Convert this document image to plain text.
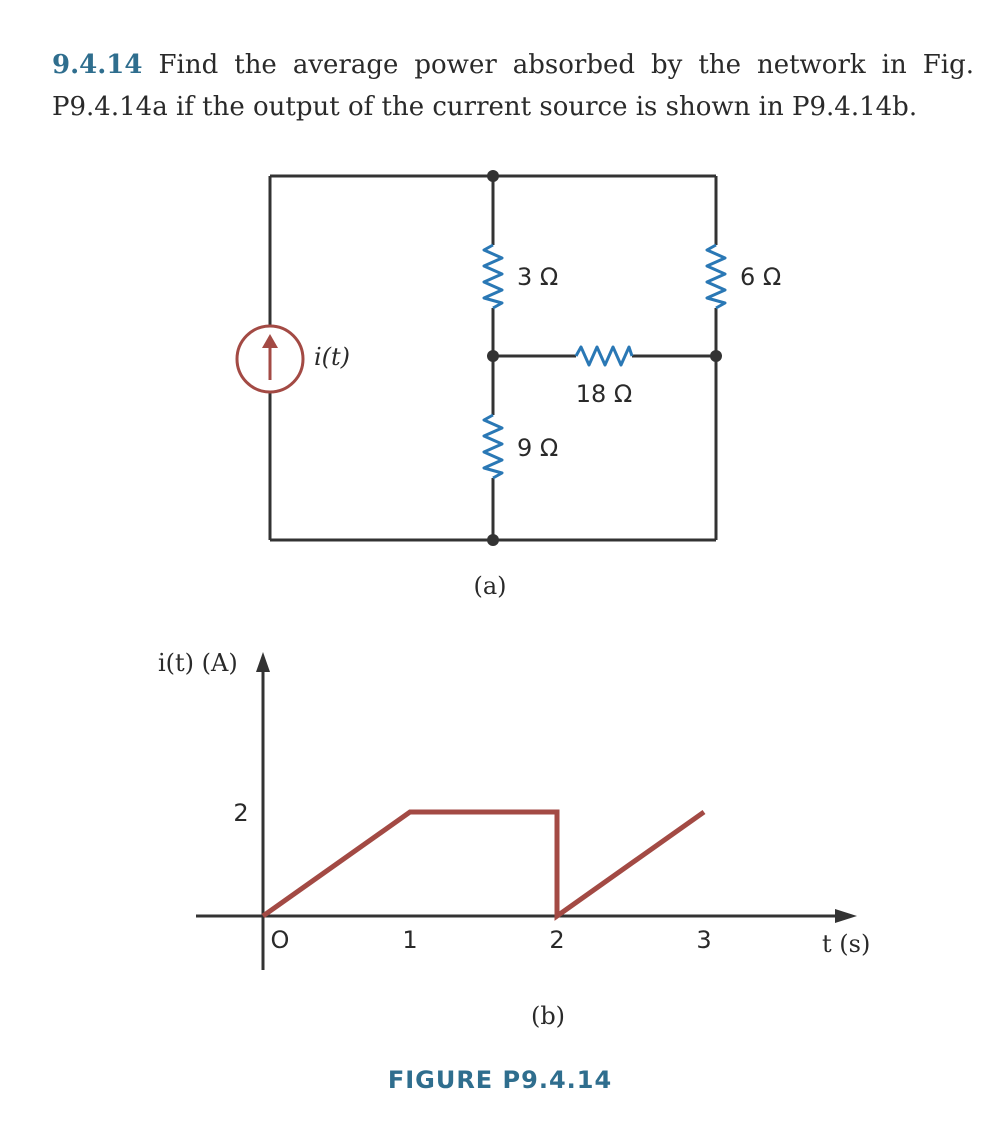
9.4.14 Find the average power absorbed by the network in Fig. P9.4.14a if the output of the current source is shown in P9.4.14b.

i(t)
3 Ω	6 Ω
18 Ω
9 Ω
(a)
i(t) (A)
t (s)
O	1	2	3
2
(b)
FIGURE P9.4.14
